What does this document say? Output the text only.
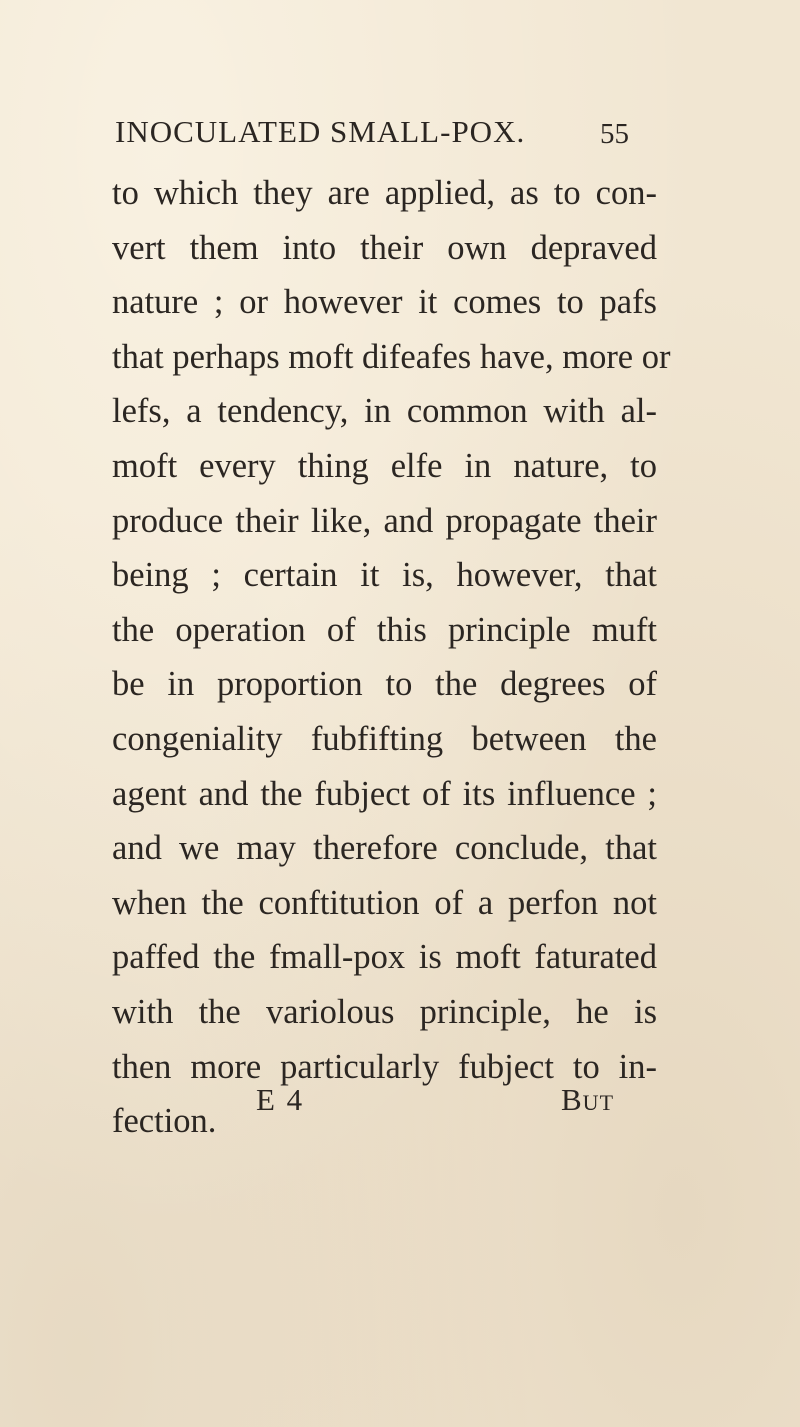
INOCULATED SMALL-POX.	55
to which they are applied, as to con-
vert them into their own depraved
nature ; or however it comes to pafs
that perhaps moft difeafes have, more or
lefs, a tendency, in common with al-
moft every thing elfe in nature, to
produce their like, and propagate their
being ; certain it is, however, that
the operation of this principle muft
be in proportion to the degrees of
congeniality fubfifting between the
agent and the fubject of its influence ;
and we may therefore conclude, that
when the conftitution of a perfon not
paffed the fmall-pox is moft faturated
with the variolous principle, he is
then more particularly fubject to in-
fection.
E 4	But
